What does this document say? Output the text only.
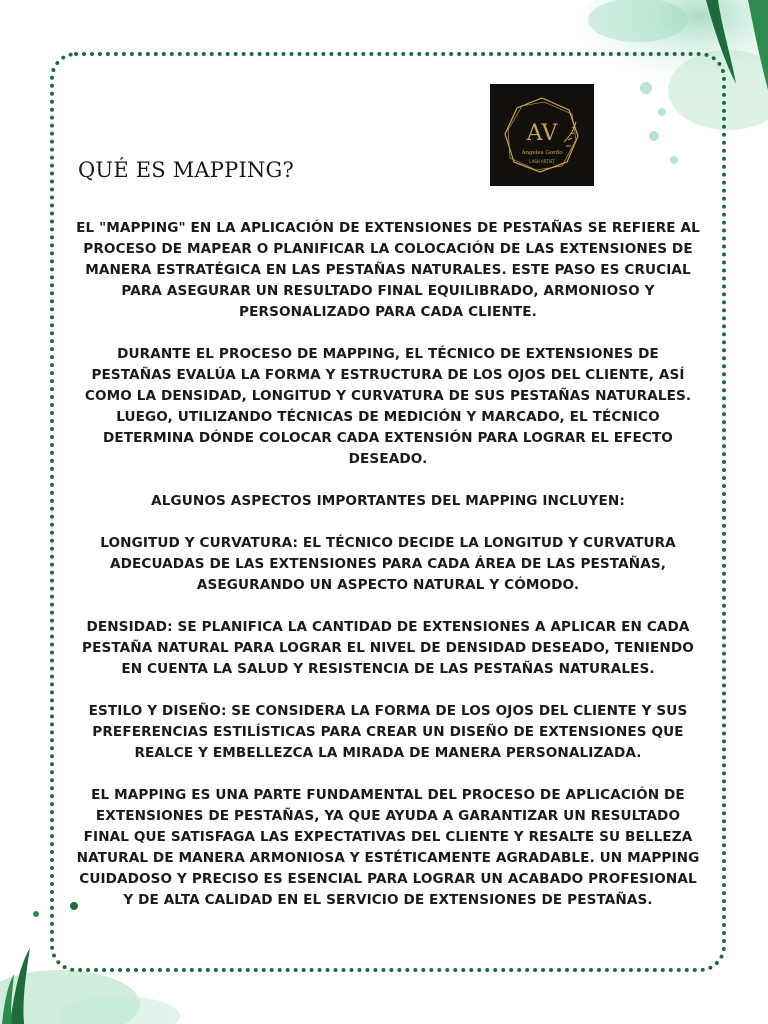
AV
Angeles Gordo
LASH ARTIST
QUÉ ES MAPPING?

EL "MAPPING" EN LA APLICACIÓN DE EXTENSIONES DE PESTAÑAS SE REFIERE AL PROCESO DE MAPEAR O PLANIFICAR LA COLOCACIÓN DE LAS EXTENSIONES DE MANERA ESTRATÉGICA EN LAS PESTAÑAS NATURALES. ESTE PASO ES CRUCIAL PARA ASEGURAR UN RESULTADO FINAL EQUILIBRADO, ARMONIOSO Y PERSONALIZADO PARA CADA CLIENTE.

DURANTE EL PROCESO DE MAPPING, EL TÉCNICO DE EXTENSIONES DE PESTAÑAS EVALÚA LA FORMA Y ESTRUCTURA DE LOS OJOS DEL CLIENTE, ASÍ COMO LA DENSIDAD, LONGITUD Y CURVATURA DE SUS PESTAÑAS NATURALES. LUEGO, UTILIZANDO TÉCNICAS DE MEDICIÓN Y MARCADO, EL TÉCNICO DETERMINA DÓNDE COLOCAR CADA EXTENSIÓN PARA LOGRAR EL EFECTO DESEADO.

ALGUNOS ASPECTOS IMPORTANTES DEL MAPPING INCLUYEN:

LONGITUD Y CURVATURA: EL TÉCNICO DECIDE LA LONGITUD Y CURVATURA ADECUADAS DE LAS EXTENSIONES PARA CADA ÁREA DE LAS PESTAÑAS, ASEGURANDO UN ASPECTO NATURAL Y CÓMODO.

DENSIDAD: SE PLANIFICA LA CANTIDAD DE EXTENSIONES A APLICAR EN CADA PESTAÑA NATURAL PARA LOGRAR EL NIVEL DE DENSIDAD DESEADO, TENIENDO EN CUENTA LA SALUD Y RESISTENCIA DE LAS PESTAÑAS NATURALES.

ESTILO Y DISEÑO: SE CONSIDERA LA FORMA DE LOS OJOS DEL CLIENTE Y SUS PREFERENCIAS ESTILÍSTICAS PARA CREAR UN DISEÑO DE EXTENSIONES QUE REALCE Y EMBELLEZCA LA MIRADA DE MANERA PERSONALIZADA.

EL MAPPING ES UNA PARTE FUNDAMENTAL DEL PROCESO DE APLICACIÓN DE EXTENSIONES DE PESTAÑAS, YA QUE AYUDA A GARANTIZAR UN RESULTADO FINAL QUE SATISFAGA LAS EXPECTATIVAS DEL CLIENTE Y RESALTE SU BELLEZA NATURAL DE MANERA ARMONIOSA Y ESTÉTICAMENTE AGRADABLE. UN MAPPING CUIDADOSO Y PRECISO ES ESENCIAL PARA LOGRAR UN ACABADO PROFESIONAL Y DE ALTA CALIDAD EN EL SERVICIO DE EXTENSIONES DE PESTAÑAS.
